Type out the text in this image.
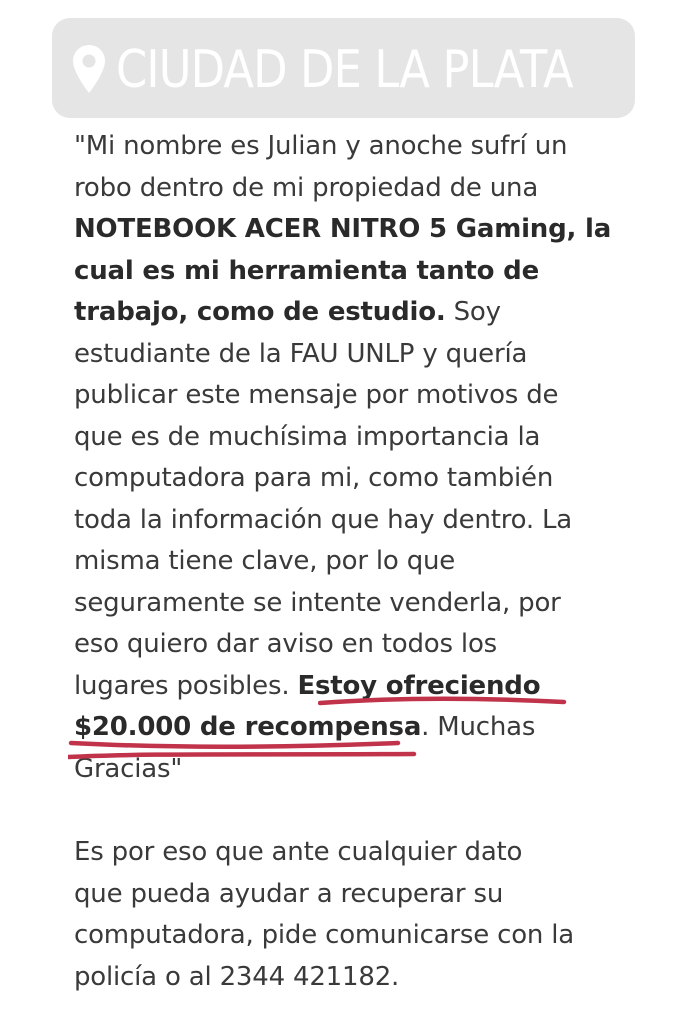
CIUDAD DE LA PLATA
"Mi nombre es Julian y anoche sufrí un
robo dentro de mi propiedad de una
NOTEBOOK ACER NITRO 5 Gaming, la
cual es mi herramienta tanto de
trabajo, como de estudio. Soy
estudiante de la FAU UNLP y quería
publicar este mensaje por motivos de
que es de muchísima importancia la
computadora para mi, como también
toda la información que hay dentro. La
misma tiene clave, por lo que
seguramente se intente venderla, por
eso quiero dar aviso en todos los
lugares posibles. Estoy ofreciendo
$20.000 de recompensa. Muchas
Gracias"
Es por eso que ante cualquier dato
que pueda ayudar a recuperar su
computadora, pide comunicarse con la
policía o al 2344 421182.
